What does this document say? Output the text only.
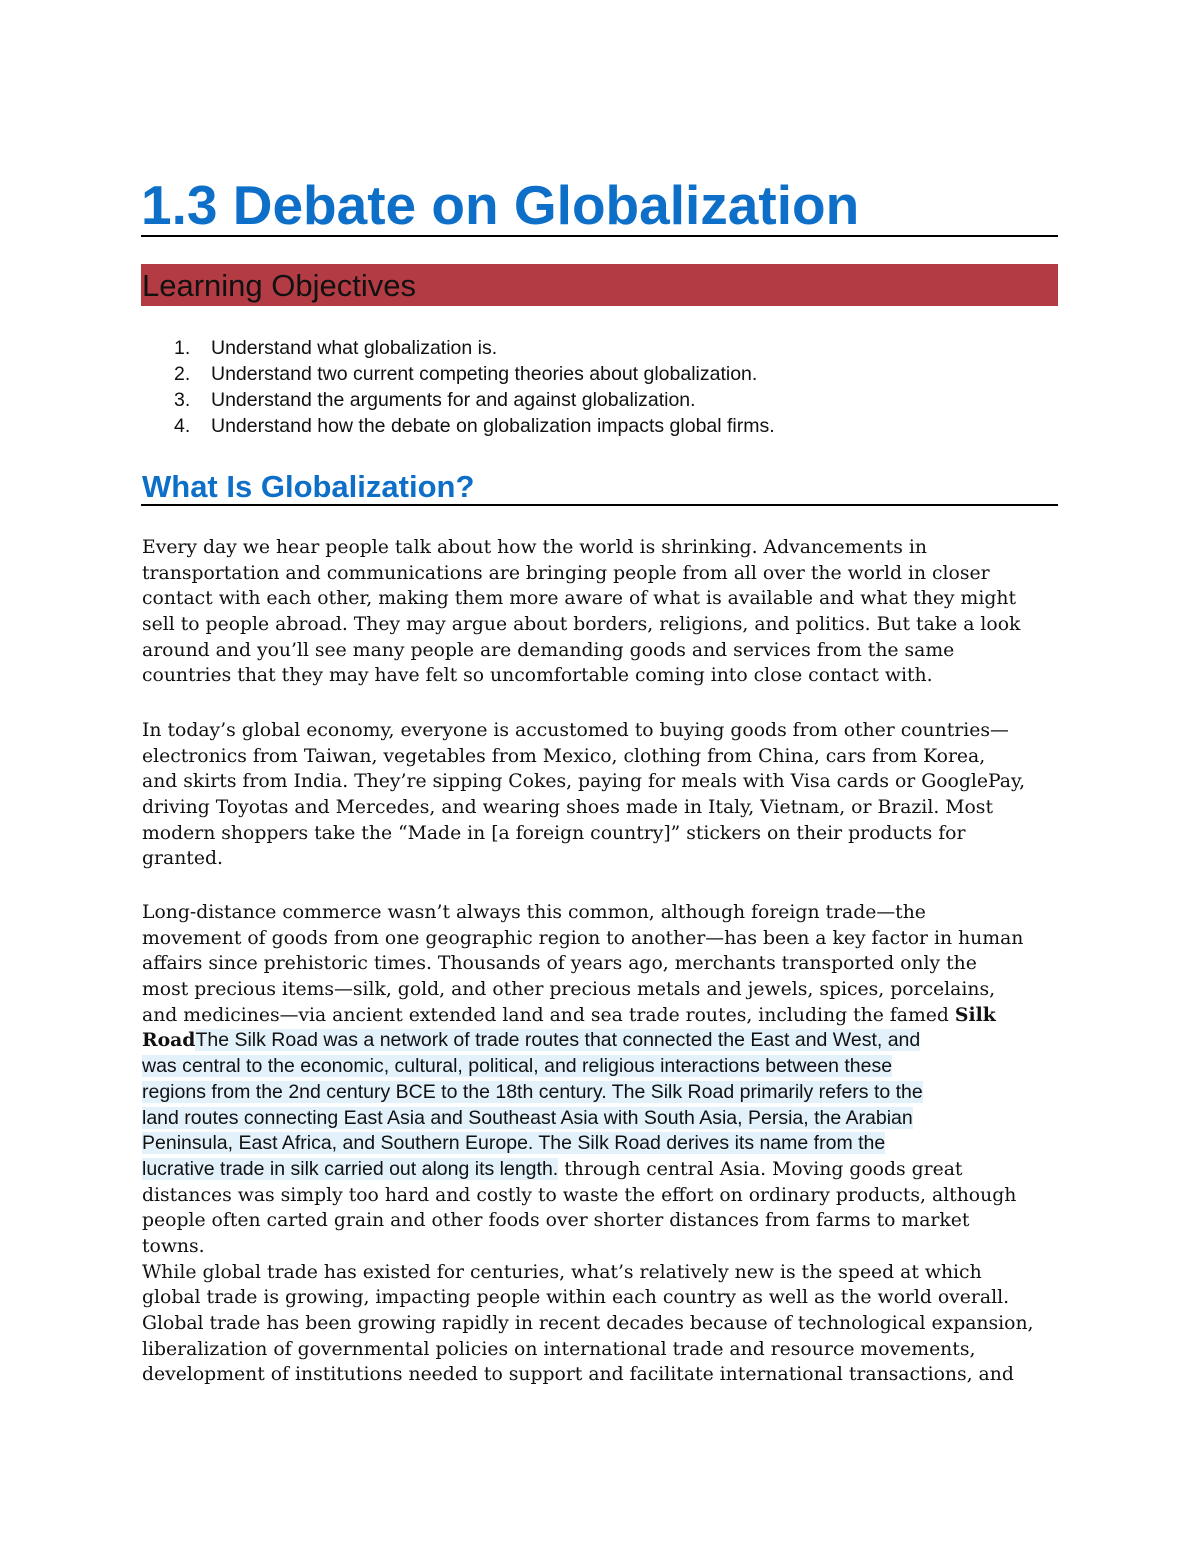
1.3 Debate on Globalization
Learning Objectives
1. Understand what globalization is.
2. Understand two current competing theories about globalization.
3. Understand the arguments for and against globalization.
4. Understand how the debate on globalization impacts global firms.
What Is Globalization?
Every day we hear people talk about how the world is shrinking. Advancements in
transportation and communications are bringing people from all over the world in closer
contact with each other, making them more aware of what is available and what they might
sell to people abroad. They may argue about borders, religions, and politics. But take a look
around and you’ll see many people are demanding goods and services from the same
countries that they may have felt so uncomfortable coming into close contact with.
In today’s global economy, everyone is accustomed to buying goods from other countries—
electronics from Taiwan, vegetables from Mexico, clothing from China, cars from Korea,
and skirts from India. They’re sipping Cokes, paying for meals with Visa cards or GooglePay,
driving Toyotas and Mercedes, and wearing shoes made in Italy, Vietnam, or Brazil. Most
modern shoppers take the “Made in [a foreign country]” stickers on their products for
granted.
Long-distance commerce wasn’t always this common, although foreign trade—the
movement of goods from one geographic region to another—has been a key factor in human
affairs since prehistoric times. Thousands of years ago, merchants transported only the
most precious items—silk, gold, and other precious metals and jewels, spices, porcelains,
and medicines—via ancient extended land and sea trade routes, including the famed Silk
RoadThe Silk Road was a network of trade routes that connected the East and West, and
was central to the economic, cultural, political, and religious interactions between these
regions from the 2nd century BCE to the 18th century. The Silk Road primarily refers to the
land routes connecting East Asia and Southeast Asia with South Asia, Persia, the Arabian
Peninsula, East Africa, and Southern Europe. The Silk Road derives its name from the
lucrative trade in silk carried out along its length. through central Asia. Moving goods great
distances was simply too hard and costly to waste the effort on ordinary products, although
people often carted grain and other foods over shorter distances from farms to market
towns.
While global trade has existed for centuries, what’s relatively new is the speed at which
global trade is growing, impacting people within each country as well as the world overall.
Global trade has been growing rapidly in recent decades because of technological expansion,
liberalization of governmental policies on international trade and resource movements,
development of institutions needed to support and facilitate international transactions, and
